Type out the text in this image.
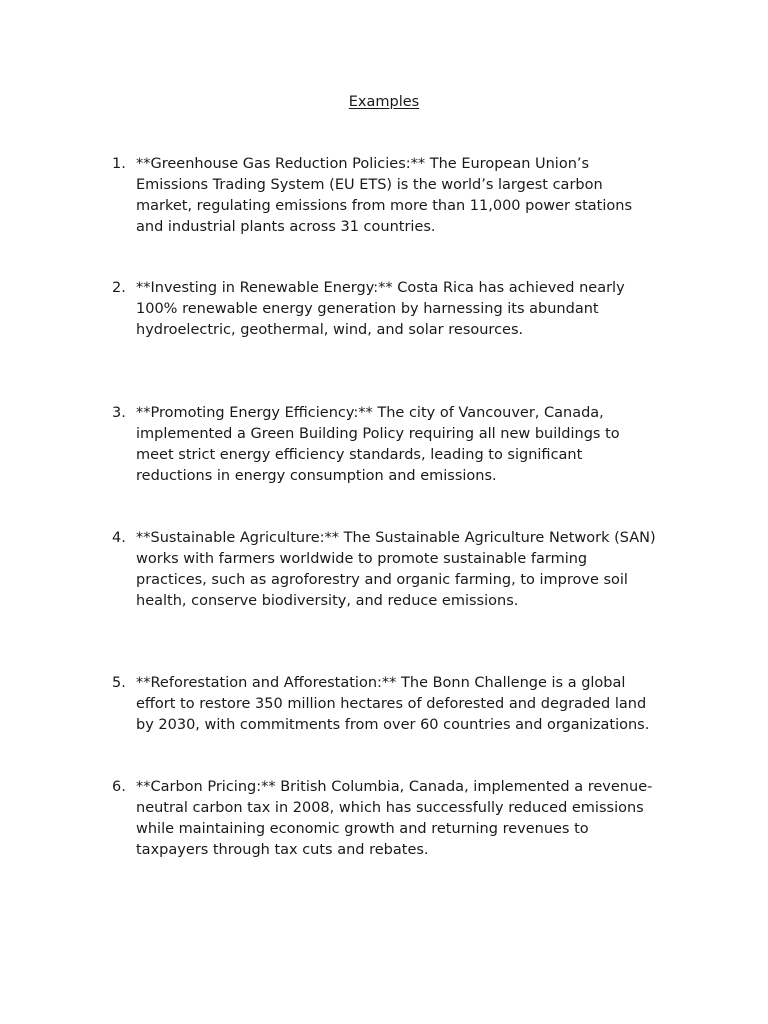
Examples
1. **Greenhouse Gas Reduction Policies:** The European Union’s
Emissions Trading System (EU ETS) is the world’s largest carbon
market, regulating emissions from more than 11,000 power stations
and industrial plants across 31 countries.
2. **Investing in Renewable Energy:** Costa Rica has achieved nearly
100% renewable energy generation by harnessing its abundant
hydroelectric, geothermal, wind, and solar resources.
3. **Promoting Energy Efficiency:** The city of Vancouver, Canada,
implemented a Green Building Policy requiring all new buildings to
meet strict energy efficiency standards, leading to significant
reductions in energy consumption and emissions.
4. **Sustainable Agriculture:** The Sustainable Agriculture Network (SAN)
works with farmers worldwide to promote sustainable farming
practices, such as agroforestry and organic farming, to improve soil
health, conserve biodiversity, and reduce emissions.
5. **Reforestation and Afforestation:** The Bonn Challenge is a global
effort to restore 350 million hectares of deforested and degraded land
by 2030, with commitments from over 60 countries and organizations.
6. **Carbon Pricing:** British Columbia, Canada, implemented a revenue-
neutral carbon tax in 2008, which has successfully reduced emissions
while maintaining economic growth and returning revenues to
taxpayers through tax cuts and rebates.
